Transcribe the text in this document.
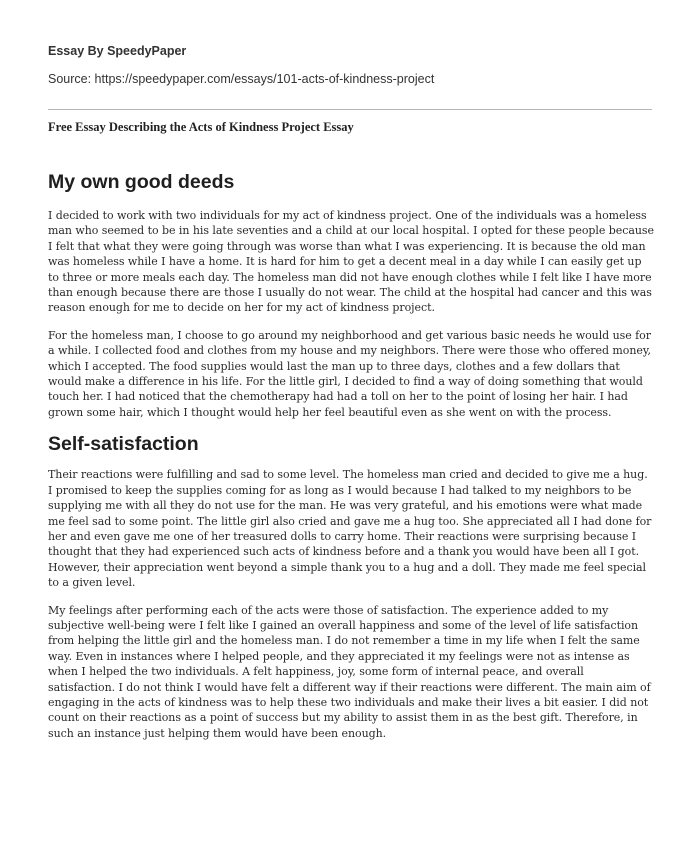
Essay By SpeedyPaper
Source: https://speedypaper.com/essays/101-acts-of-kindness-project
Free Essay Describing the Acts of Kindness Project Essay
My own good deeds

I decided to work with two individuals for my act of kindness project. One of the individuals was a homeless man who seemed to be in his late seventies and a child at our local hospital. I opted for these people because I felt that what they were going through was worse than what I was experiencing. It is because the old man was homeless while I have a home. It is hard for him to get a decent meal in a day while I can easily get up to three or more meals each day. The homeless man did not have enough clothes while I felt like I have more than enough because there are those I usually do not wear. The child at the hospital had cancer and this was reason enough for me to decide on her for my act of kindness project.

For the homeless man, I choose to go around my neighborhood and get various basic needs he would use for a while. I collected food and clothes from my house and my neighbors. There were those who offered money, which I accepted. The food supplies would last the man up to three days, clothes and a few dollars that would make a difference in his life. For the little girl, I decided to find a way of doing something that would touch her. I had noticed that the chemotherapy had had a toll on her to the point of losing her hair. I had grown some hair, which I thought would help her feel beautiful even as she went on with the process.

Self-satisfaction

Their reactions were fulfilling and sad to some level. The homeless man cried and decided to give me a hug. I promised to keep the supplies coming for as long as I would because I had talked to my neighbors to be supplying me with all they do not use for the man. He was very grateful, and his emotions were what made me feel sad to some point. The little girl also cried and gave me a hug too. She appreciated all I had done for her and even gave me one of her treasured dolls to carry home. Their reactions were surprising because I thought that they had experienced such acts of kindness before and a thank you would have been all I got. However, their appreciation went beyond a simple thank you to a hug and a doll. They made me feel special to a given level.

My feelings after performing each of the acts were those of satisfaction. The experience added to my subjective well-being were I felt like I gained an overall happiness and some of the level of life satisfaction from helping the little girl and the homeless man. I do not remember a time in my life when I felt the same way. Even in instances where I helped people, and they appreciated it my feelings were not as intense as when I helped the two individuals. A felt happiness, joy, some form of internal peace, and overall satisfaction. I do not think I would have felt a different way if their reactions were different. The main aim of engaging in the acts of kindness was to help these two individuals and make their lives a bit easier. I did not count on their reactions as a point of success but my ability to assist them in as the best gift. Therefore, in such an instance just helping them would have been enough.
